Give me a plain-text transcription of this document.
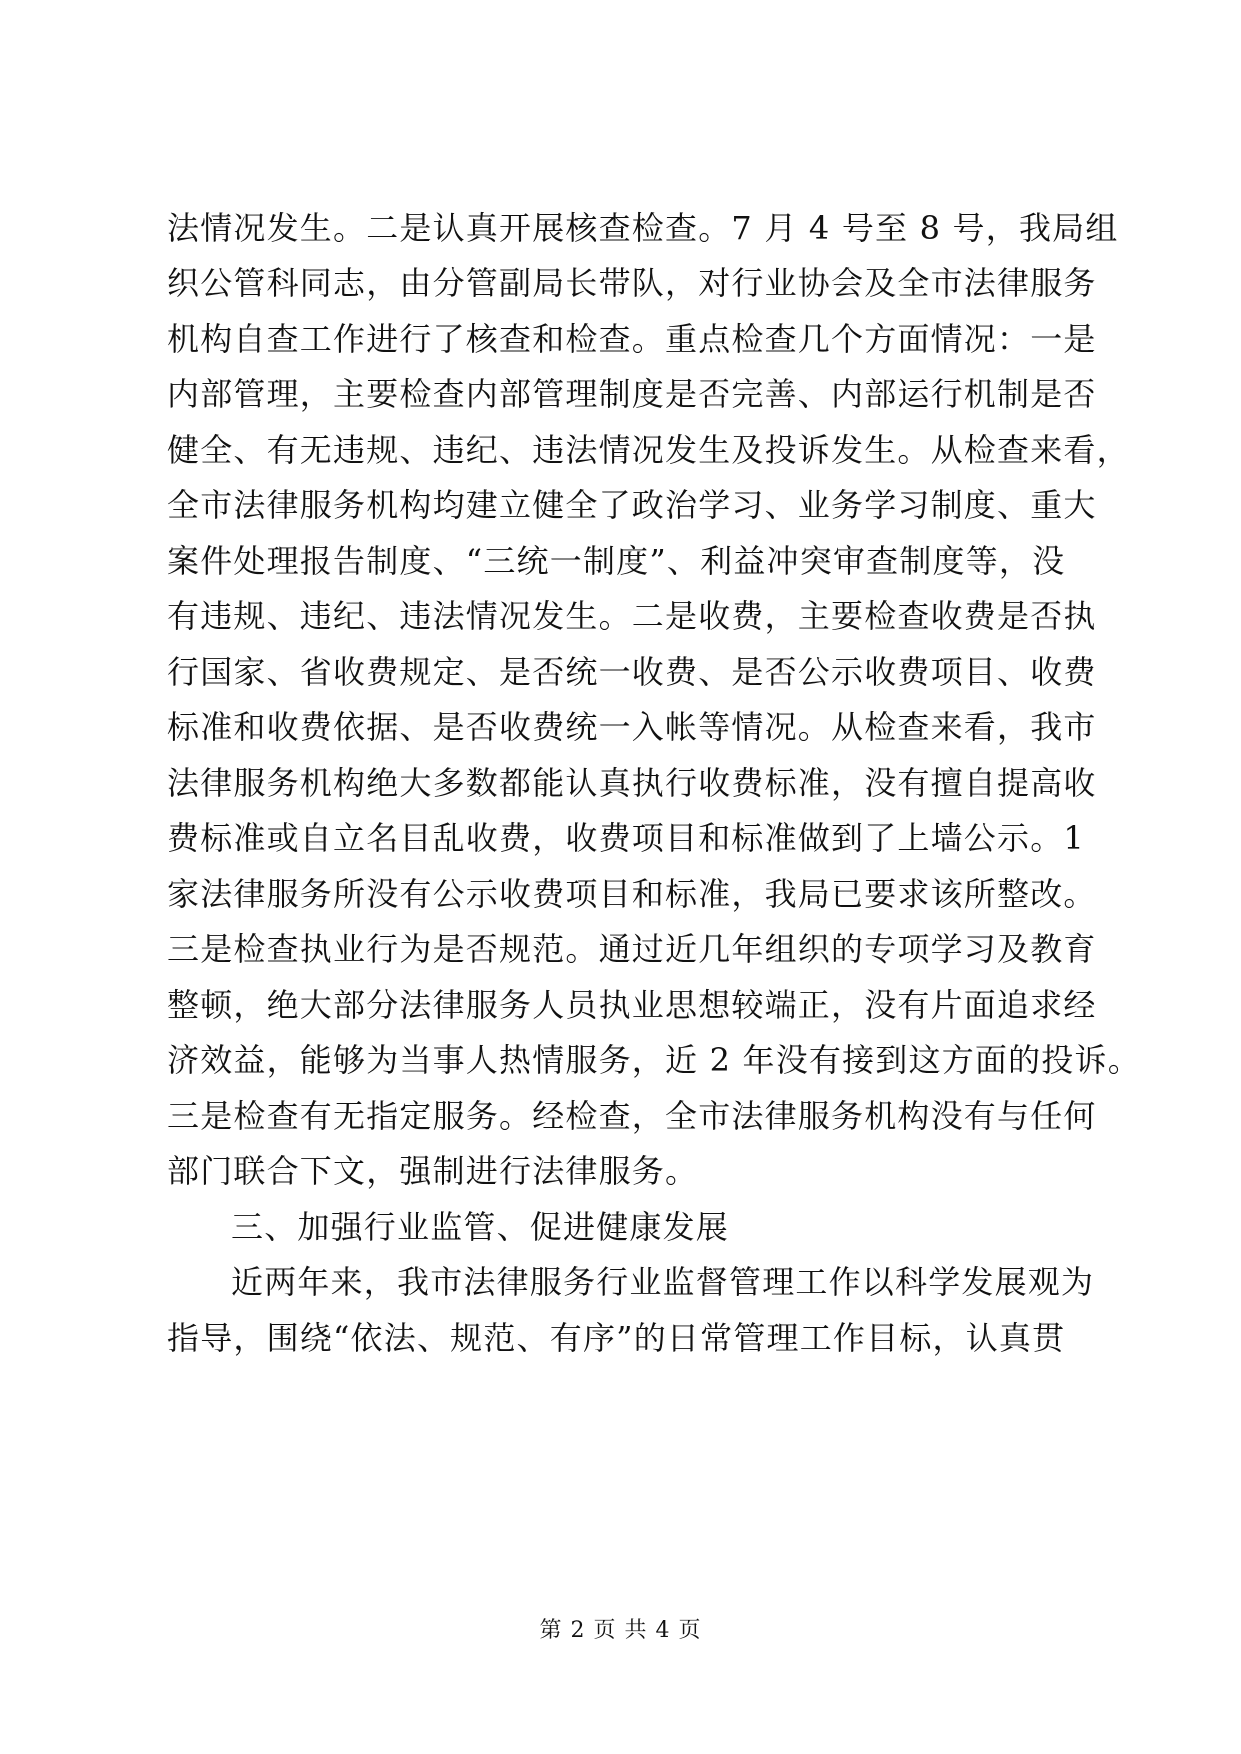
法情况发生。二是认真开展核查检查。7 月 4 号至 8 号，我局组
织公管科同志，由分管副局长带队，对行业协会及全市法律服务
机构自查工作进行了核查和检查。重点检查几个方面情况：一是
内部管理，主要检查内部管理制度是否完善、内部运行机制是否
健全、有无违规、违纪、违法情况发生及投诉发生。从检查来看，
全市法律服务机构均建立健全了政治学习、业务学习制度、重大
案件处理报告制度、“三统一制度”、利益冲突审查制度等，没
有违规、违纪、违法情况发生。二是收费，主要检查收费是否执
行国家、省收费规定、是否统一收费、是否公示收费项目、收费
标准和收费依据、是否收费统一入帐等情况。从检查来看，我市
法律服务机构绝大多数都能认真执行收费标准，没有擅自提高收
费标准或自立名目乱收费，收费项目和标准做到了上墙公示。1
家法律服务所没有公示收费项目和标准，我局已要求该所整改。
三是检查执业行为是否规范。通过近几年组织的专项学习及教育
整顿，绝大部分法律服务人员执业思想较端正，没有片面追求经
济效益，能够为当事人热情服务，近 2 年没有接到这方面的投诉。
三是检查有无指定服务。经检查，全市法律服务机构没有与任何
部门联合下文，强制进行法律服务。
三、加强行业监管、促进健康发展
近两年来，我市法律服务行业监督管理工作以科学发展观为
指导，围绕“依法、规范、有序”的日常管理工作目标，认真贯
第 2 页 共 4 页
